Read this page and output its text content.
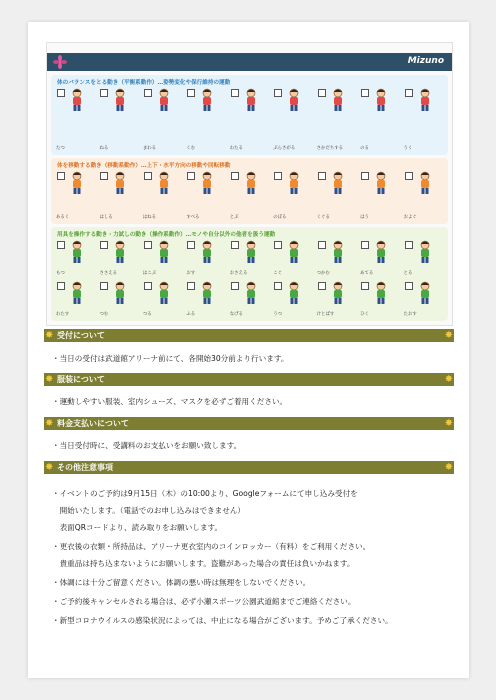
Mizuno
体のバランスをとる動き（平衡系動作）…姿勢変化や保行維持の運動
たつ	ねる	まわる	くむ	わたる	ぶらさがる	さかだちする	のる	うく
体を移動する動き（移動系動作）…上下・水平方向の移動や回転移動
あるく	はしる	はねる	すべる	とぶ	のぼる	くぐる	はう	およぐ
用具を操作する動き・力試しの動き（操作系動作）…モノや自分以外の他者を扱う運動
もつ	ささえる	はこぶ	おす	おさえる	こぐ	つかむ	あてる	とる
わたす	つむ	つる	ふる	なげる	うつ	けとばす	ひく	たおす
✸ 受付について	✸
・当日の受付は武道館アリーナ前にて、各開始30分前より行います。
✸ 服装について	✸
・運動しやすい服装、室内シューズ、マスクを必ずご着用ください。
✸ 料金支払いについて	✸
・当日受付時に、受講料のお支払いをお願い致します。
✸ その他注意事項	✸
・イベントのご予約は9月15日（木）の10:00より、Googleフォームにて申し込み受付を
　開始いたします。（電話でのお申し込みはできません）
　表面QRコードより、読み取りをお願いします。
・更衣後の衣類・所持品は、アリーナ更衣室内のコインロッカー（有料）をご利用ください。
　貴重品は持ち込まないようにお願いします。盗難があった場合の責任は負いかねます。
・体調には十分ご留意ください。体調の悪い時は無理をしないでください。
・ご予約後キャンセルされる場合は、必ず小瀬スポーツ公園武道館までご連絡ください。
・新型コロナウイルスの感染状況によっては、中止になる場合がございます。予めご了承ください。
